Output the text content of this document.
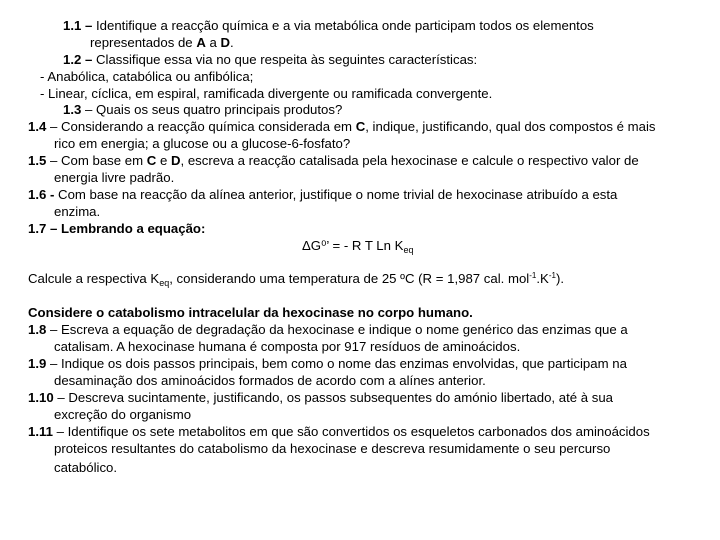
1.1 – Identifique a reacção química e a via metabólica onde participam todos os elementos
representados de A a D.
1.2 – Classifique essa via no que respeita às seguintes características:
- Anabólica, catabólica ou anfibólica;
- Linear, cíclica, em espiral, ramificada divergente ou ramificada convergente.
1.3 – Quais os seus quatro principais produtos?
1.4 – Considerando a reacção química considerada em C, indique, justificando, qual dos compostos é mais
rico em energia; a glucose ou a glucose-6-fosfato?
1.5 – Com base em C e D, escreva a reacção catalisada pela hexocinase e calcule o respectivo valor de
energia livre padrão.
1.6 - Com base na reacção da alínea anterior, justifique o nome trivial de hexocinase atribuído a esta
enzima.
1.7 – Lembrando a equação:
ΔG⁰’ = - R T Ln $K_{eq}$
Calcule a respectiva $K_{eq}$, considerando uma temperatura de 25 ºC (R = 1,987 cal. $mol^{-1}.K^{-1}$).
Considere o catabolismo intracelular da hexocinase no corpo humano.
1.8 – Escreva a equação de degradação da hexocinase e indique o nome genérico das enzimas que a
catalisam. A hexocinase humana é composta por 917 resíduos de aminoácidos.
1.9 – Indique os dois passos principais, bem como o nome das enzimas envolvidas, que participam na
desaminação dos aminoácidos formados de acordo com a alínes anterior.
1.10 – Descreva sucintamente, justificando, os passos subsequentes do amónio libertado, até à sua
excreção do organismo
1.11 – Identifique os sete metabolitos em que são convertidos os esqueletos carbonados dos aminoácidos
proteicos resultantes do catabolismo da hexocinase e descreva resumidamente o seu percurso
catabólico.
